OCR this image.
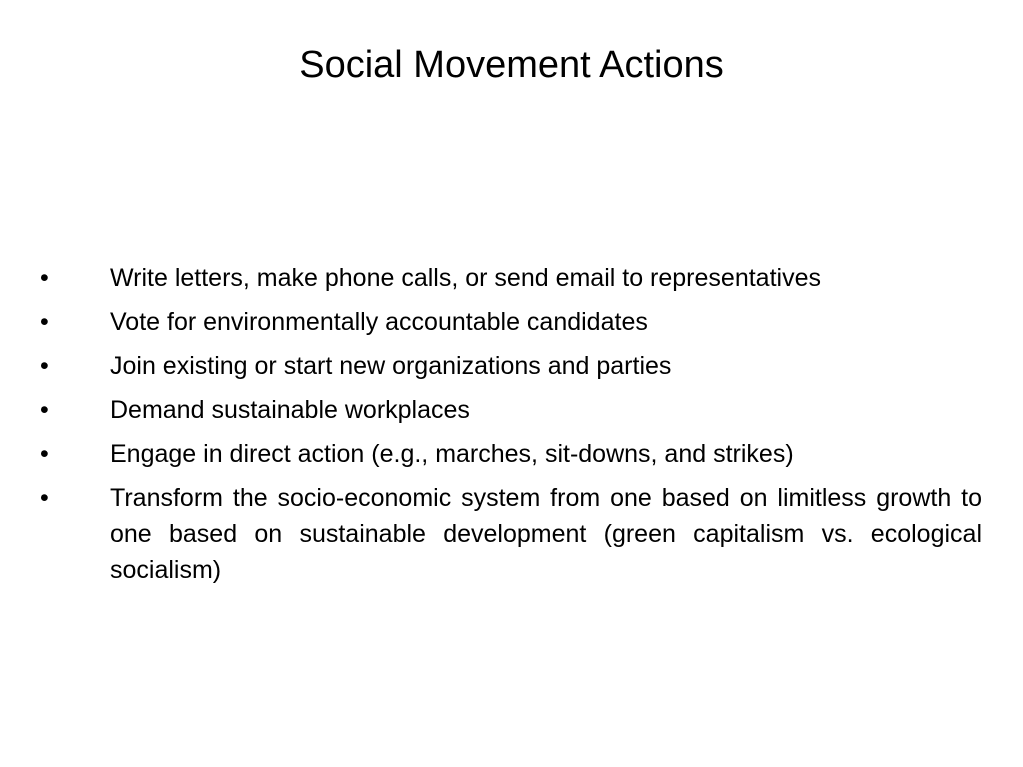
Social Movement Actions
•	Write letters, make phone calls, or send email to representatives
•	Vote for environmentally accountable candidates
•	Join existing or start new organizations and parties
•	Demand sustainable workplaces
•	Engage in direct action (e.g., marches, sit-downs, and strikes)
•	Transform the socio-economic system from one based on limitless growth to one based on sustainable development (green capitalism vs. ecological socialism)
